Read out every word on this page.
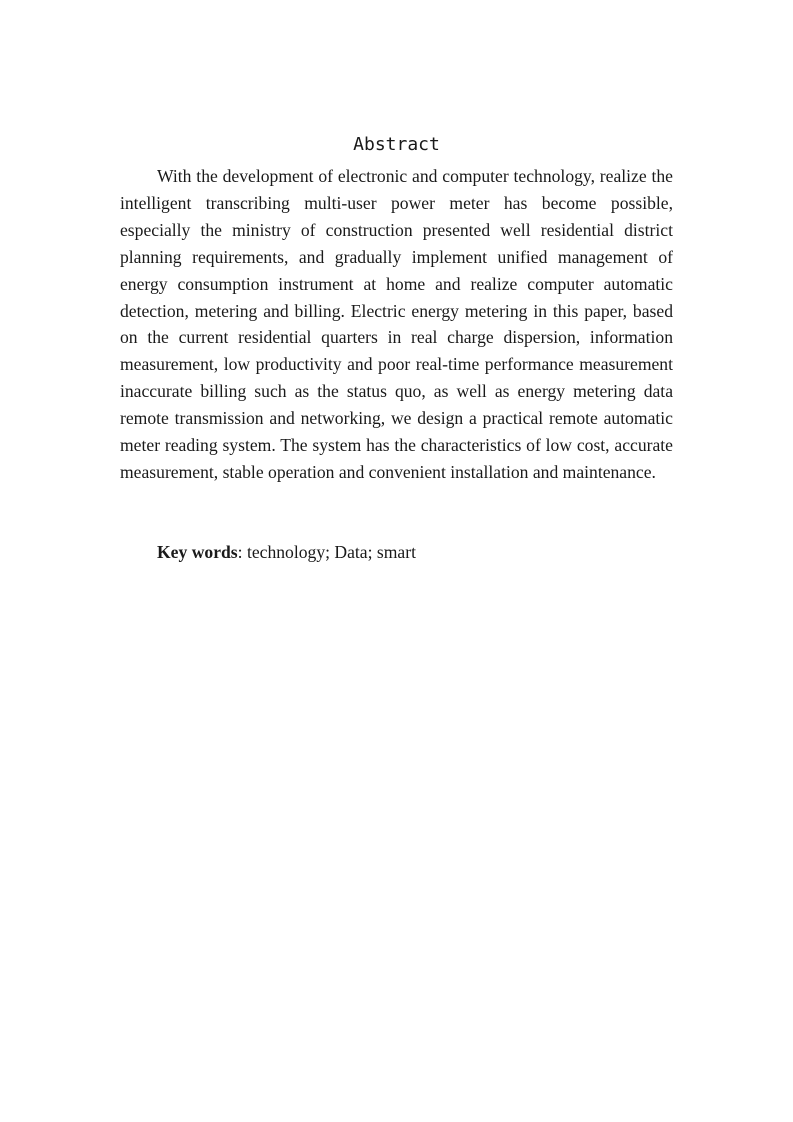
Abstract

With the development of electronic and computer technology, realize the intelligent transcribing multi-user power meter has become possible, especially the ministry of construction presented well residential district planning requirements, and gradually implement unified management of energy consumption instrument at home and realize computer automatic detection, metering and billing. Electric energy metering in this paper, based on the current residential quarters in real charge dispersion, information measurement, low productivity and poor real-time performance measurement inaccurate billing such as the status quo, as well as energy metering data remote transmission and networking, we design a practical remote automatic meter reading system. The system has the characteristics of low cost, accurate measurement, stable operation and convenient installation and maintenance.

Key words: technology; Data; smart
